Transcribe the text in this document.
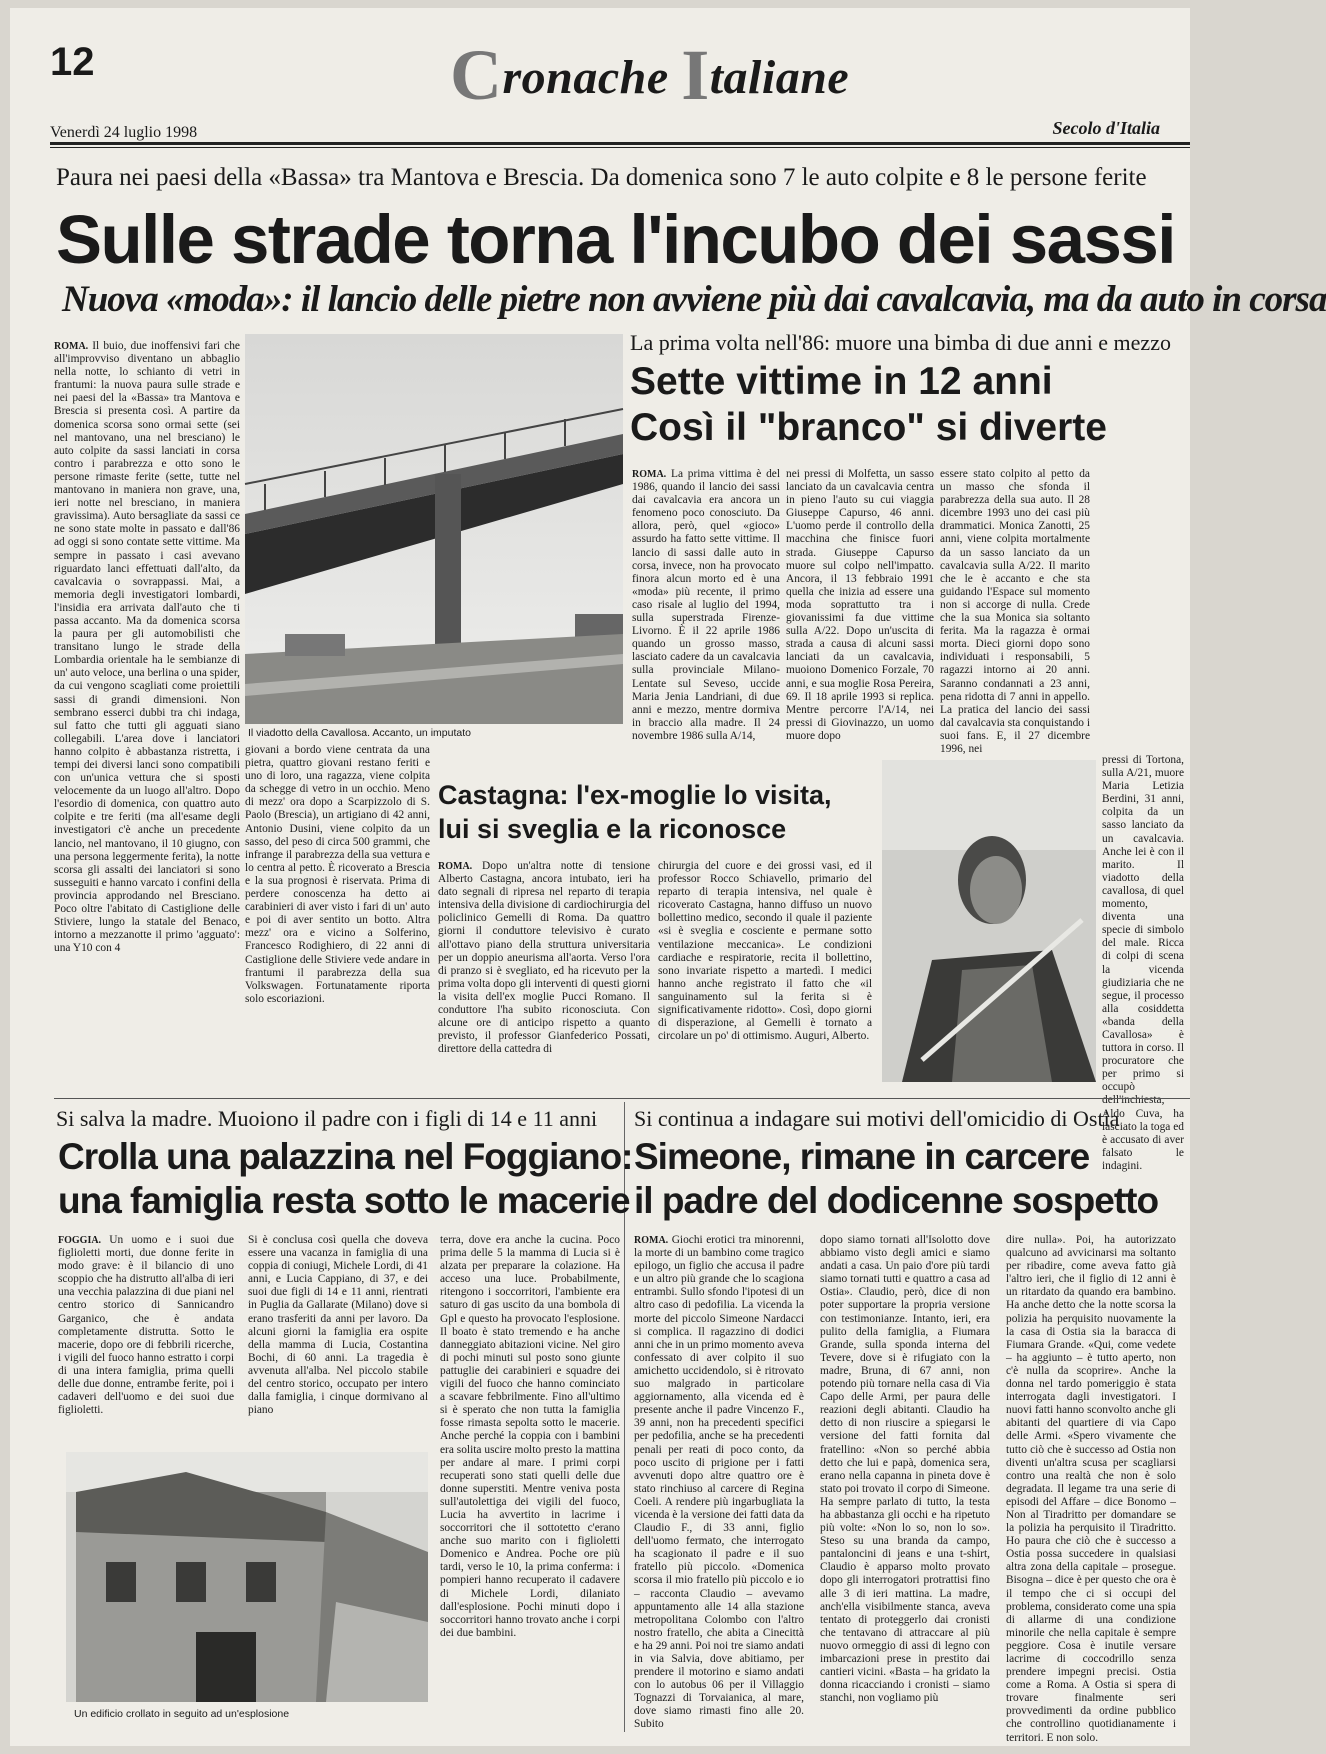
12	Cronache Italiane
Venerdì 24 luglio 1998	Secolo d'Italia
Paura nei paesi della «Bassa» tra Mantova e Brescia. Da domenica sono 7 le auto colpite e 8 le persone ferite
Sulle strade torna l'incubo dei sassi
Nuova «moda»: il lancio delle pietre non avviene più dai cavalcavia, ma da auto in corsa
ROMA. Il buio, due inoffensivi fari che all'improvviso diventano un abbaglio nella notte, lo schianto di vetri in frantumi: la nuova paura sulle strade e nei paesi del la «Bassa» tra Mantova e Brescia si presenta così. A partire da domenica scorsa sono ormai sette (sei nel mantovano, una nel bresciano) le auto colpite da sassi lanciati in corsa contro i parabrezza e otto sono le persone rimaste ferite (sette, tutte nel mantovano in maniera non grave, una, ieri notte nel bresciano, in maniera gravissima). Auto bersagliate da sassi ce ne sono state molte in passato e dall'86 ad oggi si sono contate sette vittime. Ma sempre in passato i casi avevano riguardato lanci effettuati dall'alto, da cavalcavia o sovrappassi. Mai, a memoria degli investigatori lombardi, l'insidia era arrivata dall'auto che ti passa accanto. Ma da domenica scorsa la paura per gli automobilisti che transitano lungo le strade della Lombardia orientale ha le sembianze di un' auto veloce, una berlina o una spider, da cui vengono scagliati come proiettili sassi di grandi dimensioni. Non sembrano esserci dubbi tra chi indaga, sul fatto che tutti gli agguati siano collegabili. L'area dove i lanciatori hanno colpito è abbastanza ristretta, i tempi dei diversi lanci sono compatibili con un'unica vettura che si sposti velocemente da un luogo all'altro. Dopo l'esordio di domenica, con quattro auto colpite e tre feriti (ma all'esame degli investigatori c'è anche un precedente lancio, nel mantovano, il 10 giugno, con una persona leggermente ferita), la notte scorsa gli assalti dei lanciatori si sono susseguiti e hanno varcato i confini della provincia approdando nel Bresciano. Poco oltre l'abitato di Castiglione delle Stiviere, lungo la statale del Benaco, intorno a mezzanotte il primo 'agguato': una Y10 con 4
Il viadotto della Cavallosa. Accanto, un imputato
giovani a bordo viene centrata da una pietra, quattro giovani restano feriti e uno di loro, una ragazza, viene colpita da schegge di vetro in un occhio. Meno di mezz' ora dopo a Scarpizzolo di S. Paolo (Brescia), un artigiano di 42 anni, Antonio Dusini, viene colpito da un sasso, del peso di circa 500 grammi, che infrange il parabrezza della sua vettura e lo centra al petto. È ricoverato a Brescia e la sua prognosi è riservata. Prima di perdere conoscenza ha detto ai carabinieri di aver visto i fari di un' auto e poi di aver sentito un botto. Altra mezz' ora e vicino a Solferino, Francesco Rodighiero, di 22 anni di Castiglione delle Stiviere vede andare in frantumi il parabrezza della sua Volkswagen. Fortunatamente riporta solo escoriazioni.
La prima volta nell'86: muore una bimba di due anni e mezzo
Sette vittime in 12 anni
Così il "branco" si diverte
ROMA. La prima vittima è del 1986, quando il lancio dei sassi dai cavalcavia era ancora un fenomeno poco conosciuto. Da allora, però, quel «gioco» assurdo ha fatto sette vittime. Il lancio di sassi dalle auto in corsa, invece, non ha provocato finora alcun morto ed è una «moda» più recente, il primo caso risale al luglio del 1994, sulla superstrada Firenze-Livorno. È il 22 aprile 1986 quando un grosso masso, lasciato cadere da un cavalcavia sulla provinciale Milano-Lentate sul Seveso, uccide Maria Jenia Landriani, di due anni e mezzo, mentre dormiva in braccio alla madre. Il 24 novembre 1986 sulla A/14,
nei pressi di Molfetta, un sasso lanciato da un cavalcavia centra in pieno l'auto su cui viaggia Giuseppe Capurso, 46 anni. L'uomo perde il controllo della macchina che finisce fuori strada. Giuseppe Capurso muore sul colpo nell'impatto. Ancora, il 13 febbraio 1991 quella che inizia ad essere una moda soprattutto tra i giovanissimi fa due vittime sulla A/22. Dopo un'uscita di strada a causa di alcuni sassi lanciati da un cavalcavia, muoiono Domenico Forzale, 70 anni, e sua moglie Rosa Pereira, 69. Il 18 aprile 1993 si replica. Mentre percorre l'A/14, nei pressi di Giovinazzo, un uomo muore dopo
essere stato colpito al petto da un masso che sfonda il parabrezza della sua auto. Il 28 dicembre 1993 uno dei casi più drammatici. Monica Zanotti, 25 anni, viene colpita mortalmente da un sasso lanciato da un cavalcavia sulla A/22. Il marito che le è accanto e che sta guidando l'Espace sul momento non si accorge di nulla. Crede che la sua Monica sia soltanto ferita. Ma la ragazza è ormai morta. Dieci giorni dopo sono individuati i responsabili, 5 ragazzi intorno ai 20 anni. Saranno condannati a 23 anni, pena ridotta di 7 anni in appello. La pratica del lancio dei sassi dal cavalcavia sta conquistando i suoi fans. E, il 27 dicembre 1996, nei
pressi di Tortona, sulla A/21, muore Maria Letizia Berdini, 31 anni, colpita da un sasso lanciato da un cavalcavia. Anche lei è con il marito. Il viadotto della cavallosa, di quel momento, diventa una specie di simbolo del male. Ricca di colpi di scena la vicenda giudiziaria che ne segue, il processo alla cosiddetta «banda della Cavallosa» è tuttora in corso. Il procuratore che per primo si occupò dell'inchiesta, Aldo Cuva, ha lasciato la toga ed è accusato di aver falsato le indagini.
Castagna: l'ex-moglie lo visita,
lui si sveglia e la riconosce
ROMA. Dopo un'altra notte di tensione Alberto Castagna, ancora intubato, ieri ha dato segnali di ripresa nel reparto di terapia intensiva della divisione di cardiochirurgia del policlinico Gemelli di Roma. Da quattro giorni il conduttore televisivo è curato all'ottavo piano della struttura universitaria per un doppio aneurisma all'aorta. Verso l'ora di pranzo si è svegliato, ed ha ricevuto per la prima volta dopo gli interventi di questi giorni la visita dell'ex moglie Pucci Romano. Il conduttore l'ha subito riconosciuta. Con alcune ore di anticipo rispetto a quanto previsto, il professor Gianfederico Possati, direttore della cattedra di
chirurgia del cuore e dei grossi vasi, ed il professor Rocco Schiavello, primario del reparto di terapia intensiva, nel quale è ricoverato Castagna, hanno diffuso un nuovo bollettino medico, secondo il quale il paziente «si è sveglia e cosciente e permane sotto ventilazione meccanica». Le condizioni cardiache e respiratorie, recita il bollettino, sono invariate rispetto a martedì. I medici hanno anche registrato il fatto che «il sanguinamento sul la ferita si è significativamente ridotto». Così, dopo giorni di disperazione, al Gemelli è tornato a circolare un po' di ottimismo. Auguri, Alberto.
Si salva la madre. Muoiono il padre con i figli di 14 e 11 anni
Crolla una palazzina nel Foggiano:
una famiglia resta sotto le macerie
FOGGIA. Un uomo e i suoi due figlioletti morti, due donne ferite in modo grave: è il bilancio di uno scoppio che ha distrutto all'alba di ieri una vecchia palazzina di due piani nel centro storico di Sannicandro Garganico, che è andata completamente distrutta. Sotto le macerie, dopo ore di febbrili ricerche, i vigili del fuoco hanno estratto i corpi di una intera famiglia, prima quelli delle due donne, entrambe ferite, poi i cadaveri dell'uomo e dei suoi due figlioletti.
Si è conclusa così quella che doveva essere una vacanza in famiglia di una coppia di coniugi, Michele Lordi, di 41 anni, e Lucia Cappiano, di 37, e dei suoi due figli di 14 e 11 anni, rientrati in Puglia da Gallarate (Milano) dove si erano trasferiti da anni per lavoro. Da alcuni giorni la famiglia era ospite della mamma di Lucia, Costantina Bochi, di 60 anni. La tragedia è avvenuta all'alba. Nel piccolo stabile del centro storico, occupato per intero dalla famiglia, i cinque dormivano al piano
terra, dove era anche la cucina. Poco prima delle 5 la mamma di Lucia si è alzata per preparare la colazione. Ha acceso una luce. Probabilmente, ritengono i soccorritori, l'ambiente era saturo di gas uscito da una bombola di Gpl e questo ha provocato l'esplosione. Il boato è stato tremendo e ha anche danneggiato abitazioni vicine. Nel giro di pochi minuti sul posto sono giunte pattuglie dei carabinieri e squadre dei vigili del fuoco che hanno cominciato a scavare febbrilmente. Fino all'ultimo si è sperato che non tutta la famiglia fosse rimasta sepolta sotto le macerie. Anche perché la coppia con i bambini era solita uscire molto presto la mattina per andare al mare. I primi corpi recuperati sono stati quelli delle due donne superstiti. Mentre veniva posta sull'autolettiga dei vigili del fuoco, Lucia ha avvertito in lacrime i soccorritori che il sottotetto c'erano anche suo marito con i figlioletti Domenico e Andrea. Poche ore più tardi, verso le 10, la prima conferma: i pompieri hanno recuperato il cadavere di Michele Lordi, dilaniato dall'esplosione. Pochi minuti dopo i soccorritori hanno trovato anche i corpi dei due bambini.
Un edificio crollato in seguito ad un'esplosione
Si continua a indagare sui motivi dell'omicidio di Ostia
Simeone, rimane in carcere
il padre del dodicenne sospetto
ROMA. Giochi erotici tra minorenni, la morte di un bambino come tragico epilogo, un figlio che accusa il padre e un altro più grande che lo scagiona entrambi. Sullo sfondo l'ipotesi di un altro caso di pedofilia. La vicenda la morte del piccolo Simeone Nardacci si complica. Il ragazzino di dodici anni che in un primo momento aveva confessato di aver colpito il suo amichetto uccidendolo, si è ritrovato suo malgrado in particolare aggiornamento, alla vicenda ed è presente anche il padre Vincenzo F., 39 anni, non ha precedenti specifici per pedofilia, anche se ha precedenti penali per reati di poco conto, da poco uscito di prigione per i fatti avvenuti dopo altre quattro ore è stato rinchiuso al carcere di Regina Coeli. A rendere più ingarbugliata la vicenda è la versione dei fatti data da Claudio F., di 33 anni, figlio dell'uomo fermato, che interrogato ha scagionato il padre e il suo fratello più piccolo. «Domenica scorsa il mio fratello più piccolo e io – racconta Claudio – avevamo appuntamento alle 14 alla stazione metropolitana Colombo con l'altro nostro fratello, che abita a Cinecittà e ha 29 anni. Poi noi tre siamo andati in via Salvia, dove abitiamo, per prendere il motorino e siamo andati con lo autobus 06 per il Villaggio Tognazzi di Torvaianica, al mare, dove siamo rimasti fino alle 20. Subito
dopo siamo tornati all'Isolotto dove abbiamo visto degli amici e siamo andati a casa. Un paio d'ore più tardi siamo tornati tutti e quattro a casa ad Ostia». Claudio, però, dice di non poter supportare la propria versione con testimonianze. Intanto, ieri, era pulito della famiglia, a Fiumara Grande, sulla sponda interna del Tevere, dove si è rifugiato con la madre, Bruna, di 67 anni, non potendo più tornare nella casa di Via Capo delle Armi, per paura delle reazioni degli abitanti. Claudio ha detto di non riuscire a spiegarsi le versione del fatti fornita dal fratellino: «Non so perché abbia detto che lui e papà, domenica sera, erano nella capanna in pineta dove è stato poi trovato il corpo di Simeone. Ha sempre parlato di tutto, la testa ha abbastanza gli occhi e ha ripetuto più volte: «Non lo so, non lo so». Steso su una branda da campo, pantaloncini di jeans e una t-shirt, Claudio è apparso molto provato dopo gli interrogatori protrattisi fino alle 3 di ieri mattina. La madre, anch'ella visibilmente stanca, aveva tentato di proteggerlo dai cronisti che tentavano di attraccare al più nuovo ormeggio di assi di legno con imbarcazioni prese in prestito dai cantieri vicini. «Basta – ha gridato la donna ricacciando i cronisti – siamo stanchi, non vogliamo più
dire nulla». Poi, ha autorizzato qualcuno ad avvicinarsi ma soltanto per ribadire, come aveva fatto già l'altro ieri, che il figlio di 12 anni è un ritardato da quando era bambino. Ha anche detto che la notte scorsa la polizia ha perquisito nuovamente la la casa di Ostia sia la baracca di Fiumara Grande. «Qui, come vedete – ha aggiunto – è tutto aperto, non c'è nulla da scoprire». Anche la donna nel tardo pomeriggio è stata interrogata dagli investigatori. I nuovi fatti hanno sconvolto anche gli abitanti del quartiere di via Capo delle Armi. «Spero vivamente che tutto ciò che è successo ad Ostia non diventi un'altra scusa per scagliarsi contro una realtà che non è solo degradata. Il legame tra una serie di episodi del Affare – dice Bonomo – Non al Tiradritto per domandare se la polizia ha perquisito il Tiradritto. Ho paura che ciò che è successo a Ostia possa succedere in qualsiasi altra zona della capitale – prosegue. Bisogna – dice è per questo che ora è il tempo che ci si occupi del problema, considerato come una spia di allarme di una condizione minorile che nella capitale è sempre peggiore. Cosa è inutile versare lacrime di coccodrillo senza prendere impegni precisi. Ostia come a Roma. A Ostia si spera di trovare finalmente seri provvedimenti da ordine pubblico che controllino quotidianamente i territori. E non solo.
